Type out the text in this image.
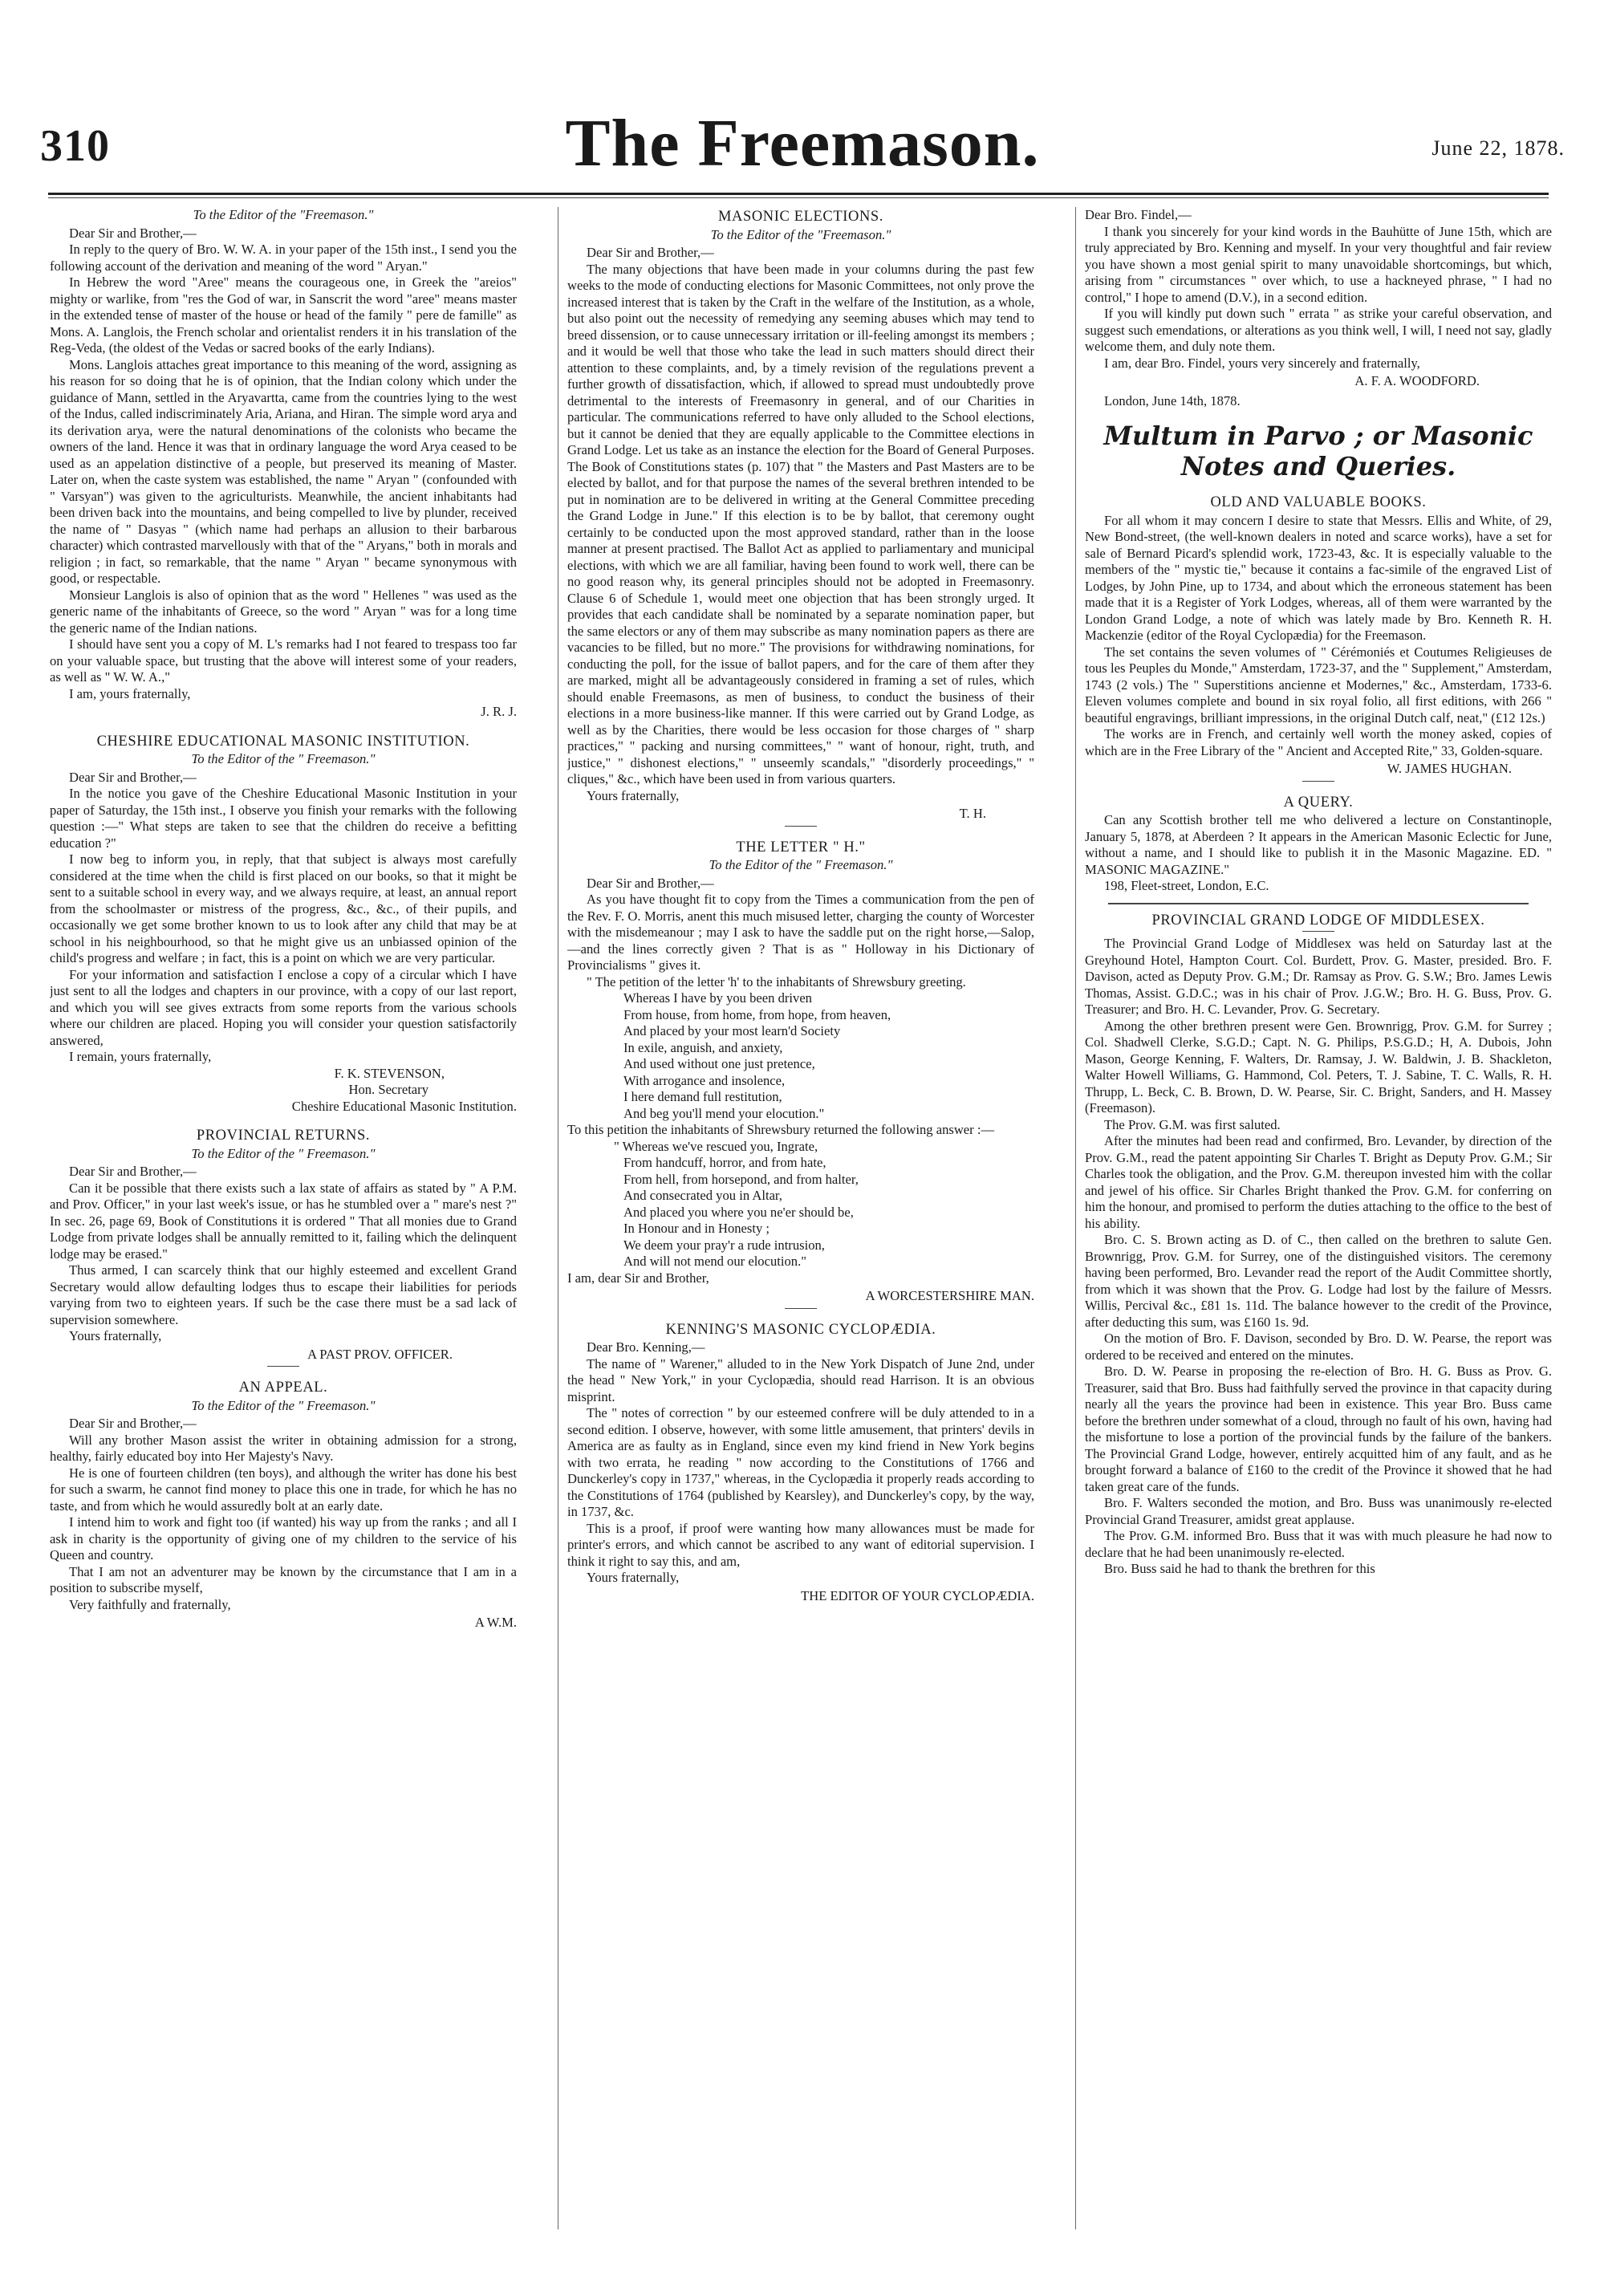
310	The Freemason.	June 22, 1878.

To the Editor of the "Freemason."

Dear Sir and Brother,—

In reply to the query of Bro. W. W. A. in your paper of the 15th inst., I send you the following account of the derivation and meaning of the word " Aryan."

In Hebrew the word "Aree" means the courageous one, in Greek the "areios" mighty or warlike, from "res the God of war, in Sanscrit the word "aree" means master in the extended tense of master of the house or head of the family " pere de famille" as Mons. A. Langlois, the French scholar and orientalist renders it in his translation of the Reg-Veda, (the oldest of the Vedas or sacred books of the early Indians).

Mons. Langlois attaches great importance to this meaning of the word, assigning as his reason for so doing that he is of opinion, that the Indian colony which under the guidance of Mann, settled in the Aryavartta, came from the countries lying to the west of the Indus, called indiscriminately Aria, Ariana, and Hiran. The simple word arya and its derivation arya, were the natural denominations of the colonists who became the owners of the land. Hence it was that in ordinary language the word Arya ceased to be used as an appelation distinctive of a people, but preserved its meaning of Master. Later on, when the caste system was established, the name " Aryan " (confounded with " Varsyan") was given to the agriculturists. Meanwhile, the ancient inhabitants had been driven back into the mountains, and being compelled to live by plunder, received the name of " Dasyas " (which name had perhaps an allusion to their barbarous character) which contrasted marvellously with that of the " Aryans," both in morals and religion ; in fact, so remarkable, that the name " Aryan " became synonymous with good, or respectable.

Monsieur Langlois is also of opinion that as the word " Hellenes " was used as the generic name of the inhabitants of Greece, so the word " Aryan " was for a long time the generic name of the Indian nations.

I should have sent you a copy of M. L's remarks had I not feared to trespass too far on your valuable space, but trusting that the above will interest some of your readers, as well as " W. W. A.,"

I am, yours fraternally,

J. R. J.

CHESHIRE EDUCATIONAL MASONIC INSTITUTION.

To the Editor of the " Freemason."

Dear Sir and Brother,—

In the notice you gave of the Cheshire Educational Masonic Institution in your paper of Saturday, the 15th inst., I observe you finish your remarks with the following question :—" What steps are taken to see that the children do receive a befitting education ?"

I now beg to inform you, in reply, that that subject is always most carefully considered at the time when the child is first placed on our books, so that it might be sent to a suitable school in every way, and we always require, at least, an annual report from the schoolmaster or mistress of the progress, &c., &c., of their pupils, and occasionally we get some brother known to us to look after any child that may be at school in his neighbourhood, so that he might give us an unbiassed opinion of the child's progress and welfare ; in fact, this is a point on which we are very particular.

For your information and satisfaction I enclose a copy of a circular which I have just sent to all the lodges and chapters in our province, with a copy of our last report, and which you will see gives extracts from some reports from the various schools where our children are placed. Hoping you will consider your question satisfactorily answered,

I remain, yours fraternally,

F. K. STEVENSON,

Hon. Secretary

Cheshire Educational Masonic Institution.

PROVINCIAL RETURNS.

To the Editor of the " Freemason."

Dear Sir and Brother,—

Can it be possible that there exists such a lax state of affairs as stated by " A P.M. and Prov. Officer," in your last week's issue, or has he stumbled over a " mare's nest ?" In sec. 26, page 69, Book of Constitutions it is ordered " That all monies due to Grand Lodge from private lodges shall be annually remitted to it, failing which the delinquent lodge may be erased."

Thus armed, I can scarcely think that our highly esteemed and excellent Grand Secretary would allow defaulting lodges thus to escape their liabilities for periods varying from two to eighteen years. If such be the case there must be a sad lack of supervision somewhere.

Yours fraternally,

A PAST PROV. OFFICER.

AN APPEAL.

To the Editor of the " Freemason."

Dear Sir and Brother,—

Will any brother Mason assist the writer in obtaining admission for a strong, healthy, fairly educated boy into Her Majesty's Navy.

He is one of fourteen children (ten boys), and although the writer has done his best for such a swarm, he cannot find money to place this one in trade, for which he has no taste, and from which he would assuredly bolt at an early date.

I intend him to work and fight too (if wanted) his way up from the ranks ; and all I ask in charity is the opportunity of giving one of my children to the service of his Queen and country.

That I am not an adventurer may be known by the circumstance that I am in a position to subscribe myself,

Very faithfully and fraternally,

A W.M.

MASONIC ELECTIONS.

To the Editor of the "Freemason."

Dear Sir and Brother,—

The many objections that have been made in your columns during the past few weeks to the mode of conducting elections for Masonic Committees, not only prove the increased interest that is taken by the Craft in the welfare of the Institution, as a whole, but also point out the necessity of remedying any seeming abuses which may tend to breed dissension, or to cause unnecessary irritation or ill-feeling amongst its members ; and it would be well that those who take the lead in such matters should direct their attention to these complaints, and, by a timely revision of the regulations prevent a further growth of dissatisfaction, which, if allowed to spread must undoubtedly prove detrimental to the interests of Freemasonry in general, and of our Charities in particular. The communications referred to have only alluded to the School elections, but it cannot be denied that they are equally applicable to the Committee elections in Grand Lodge. Let us take as an instance the election for the Board of General Purposes. The Book of Constitutions states (p. 107) that " the Masters and Past Masters are to be elected by ballot, and for that purpose the names of the several brethren intended to be put in nomination are to be delivered in writing at the General Committee preceding the Grand Lodge in June." If this election is to be by ballot, that ceremony ought certainly to be conducted upon the most approved standard, rather than in the loose manner at present practised. The Ballot Act as applied to parliamentary and municipal elections, with which we are all familiar, having been found to work well, there can be no good reason why, its general principles should not be adopted in Freemasonry. Clause 6 of Schedule 1, would meet one objection that has been strongly urged. It provides that each candidate shall be nominated by a separate nomination paper, but the same electors or any of them may subscribe as many nomination papers as there are vacancies to be filled, but no more." The provisions for withdrawing nominations, for conducting the poll, for the issue of ballot papers, and for the care of them after they are marked, might all be advantageously considered in framing a set of rules, which should enable Freemasons, as men of business, to conduct the business of their elections in a more business-like manner. If this were carried out by Grand Lodge, as well as by the Charities, there would be less occasion for those charges of " sharp practices," " packing and nursing committees," " want of honour, right, truth, and justice," " dishonest elections," " unseemly scandals," "disorderly proceedings," " cliques," &c., which have been used in from various quarters.

Yours fraternally,

T. H.

THE LETTER " H."

To the Editor of the " Freemason."

Dear Sir and Brother,—

As you have thought fit to copy from the Times a communication from the pen of the Rev. F. O. Morris, anent this much misused letter, charging the county of Worcester with the misdemeanour ; may I ask to have the saddle put on the right horse,—Salop,—and the lines correctly given ? That is as " Holloway in his Dictionary of Provincialisms " gives it.

" The petition of the letter 'h' to the inhabitants of Shrewsbury greeting.

Whereas I have by you been driven

From house, from home, from hope, from heaven,

And placed by your most learn'd Society

In exile, anguish, and anxiety,

And used without one just pretence,

With arrogance and insolence,

I here demand full restitution,

And beg you'll mend your elocution."

To this petition the inhabitants of Shrewsbury returned the following answer :—

" Whereas we've rescued you, Ingrate,

From handcuff, horror, and from hate,

From hell, from horsepond, and from halter,

And consecrated you in Altar,

And placed you where you ne'er should be,

In Honour and in Honesty ;

We deem your pray'r a rude intrusion,

And will not mend our elocution."

I am, dear Sir and Brother,

A WORCESTERSHIRE MAN.

KENNING'S MASONIC CYCLOPÆDIA.

Dear Bro. Kenning,—

The name of " Warener," alluded to in the New York Dispatch of June 2nd, under the head " New York," in your Cyclopædia, should read Harrison. It is an obvious misprint.

The " notes of correction " by our esteemed confrere will be duly attended to in a second edition. I observe, however, with some little amusement, that printers' devils in America are as faulty as in England, since even my kind friend in New York begins with two errata, he reading " now according to the Constitutions of 1766 and Dunckerley's copy in 1737," whereas, in the Cyclopædia it properly reads according to the Constitutions of 1764 (published by Kearsley), and Dunckerley's copy, by the way, in 1737, &c.

This is a proof, if proof were wanting how many allowances must be made for printer's errors, and which cannot be ascribed to any want of editorial supervision. I think it right to say this, and am,

Yours fraternally,

THE EDITOR OF YOUR CYCLOPÆDIA.

Dear Bro. Findel,—

I thank you sincerely for your kind words in the Bauhütte of June 15th, which are truly appreciated by Bro. Kenning and myself. In your very thoughtful and fair review you have shown a most genial spirit to many unavoidable shortcomings, but which, arising from " circumstances " over which, to use a hackneyed phrase, " I had no control," I hope to amend (D.V.), in a second edition.

If you will kindly put down such " errata " as strike your careful observation, and suggest such emendations, or alterations as you think well, I will, I need not say, gladly welcome them, and duly note them.

I am, dear Bro. Findel, yours very sincerely and fraternally,

A. F. A. WOODFORD.

London, June 14th, 1878.

Multum in Parvo ; or Masonic Notes and Queries.

OLD AND VALUABLE BOOKS.

For all whom it may concern I desire to state that Messrs. Ellis and White, of 29, New Bond-street, (the well-known dealers in noted and scarce works), have a set for sale of Bernard Picard's splendid work, 1723-43, &c. It is especially valuable to the members of the " mystic tie," because it contains a fac-simile of the engraved List of Lodges, by John Pine, up to 1734, and about which the erroneous statement has been made that it is a Register of York Lodges, whereas, all of them were warranted by the London Grand Lodge, a note of which was lately made by Bro. Kenneth R. H. Mackenzie (editor of the Royal Cyclopædia) for the Freemason.

The set contains the seven volumes of " Cérémoniés et Coutumes Religieuses de tous les Peuples du Monde," Amsterdam, 1723-37, and the " Supplement," Amsterdam, 1743 (2 vols.) The " Superstitions ancienne et Modernes," &c., Amsterdam, 1733-6. Eleven volumes complete and bound in six royal folio, all first editions, with 266 " beautiful engravings, brilliant impressions, in the original Dutch calf, neat," (£12 12s.)

The works are in French, and certainly well worth the money asked, copies of which are in the Free Library of the " Ancient and Accepted Rite," 33, Golden-square.

W. JAMES HUGHAN.

A QUERY.

Can any Scottish brother tell me who delivered a lecture on Constantinople, January 5, 1878, at Aberdeen ? It appears in the American Masonic Eclectic for June, without a name, and I should like to publish it in the Masonic Magazine. ED. " MASONIC MAGAZINE."

198, Fleet-street, London, E.C.

PROVINCIAL GRAND LODGE OF MIDDLESEX.

The Provincial Grand Lodge of Middlesex was held on Saturday last at the Greyhound Hotel, Hampton Court. Col. Burdett, Prov. G. Master, presided. Bro. F. Davison, acted as Deputy Prov. G.M.; Dr. Ramsay as Prov. G. S.W.; Bro. James Lewis Thomas, Assist. G.D.C.; was in his chair of Prov. J.G.W.; Bro. H. G. Buss, Prov. G. Treasurer; and Bro. H. C. Levander, Prov. G. Secretary.

Among the other brethren present were Gen. Brownrigg, Prov. G.M. for Surrey ; Col. Shadwell Clerke, S.G.D.; Capt. N. G. Philips, P.S.G.D.; H, A. Dubois, John Mason, George Kenning, F. Walters, Dr. Ramsay, J. W. Baldwin, J. B. Shackleton, Walter Howell Williams, G. Hammond, Col. Peters, T. J. Sabine, T. C. Walls, R. H. Thrupp, L. Beck, C. B. Brown, D. W. Pearse, Sir. C. Bright, Sanders, and H. Massey (Freemason).

The Prov. G.M. was first saluted.

After the minutes had been read and confirmed, Bro. Levander, by direction of the Prov. G.M., read the patent appointing Sir Charles T. Bright as Deputy Prov. G.M.; Sir Charles took the obligation, and the Prov. G.M. thereupon invested him with the collar and jewel of his office. Sir Charles Bright thanked the Prov. G.M. for conferring on him the honour, and promised to perform the duties attaching to the office to the best of his ability.

Bro. C. S. Brown acting as D. of C., then called on the brethren to salute Gen. Brownrigg, Prov. G.M. for Surrey, one of the distinguished visitors. The ceremony having been performed, Bro. Levander read the report of the Audit Committee shortly, from which it was shown that the Prov. G. Lodge had lost by the failure of Messrs. Willis, Percival &c., £81 1s. 11d. The balance however to the credit of the Province, after deducting this sum, was £160 1s. 9d.

On the motion of Bro. F. Davison, seconded by Bro. D. W. Pearse, the report was ordered to be received and entered on the minutes.

Bro. D. W. Pearse in proposing the re-election of Bro. H. G. Buss as Prov. G. Treasurer, said that Bro. Buss had faithfully served the province in that capacity during nearly all the years the province had been in existence. This year Bro. Buss came before the brethren under somewhat of a cloud, through no fault of his own, having had the misfortune to lose a portion of the provincial funds by the failure of the bankers. The Provincial Grand Lodge, however, entirely acquitted him of any fault, and as he brought forward a balance of £160 to the credit of the Province it showed that he had taken great care of the funds.

Bro. F. Walters seconded the motion, and Bro. Buss was unanimously re-elected Provincial Grand Treasurer, amidst great applause.

The Prov. G.M. informed Bro. Buss that it was with much pleasure he had now to declare that he had been unanimously re-elected.

Bro. Buss said he had to thank the brethren for this
